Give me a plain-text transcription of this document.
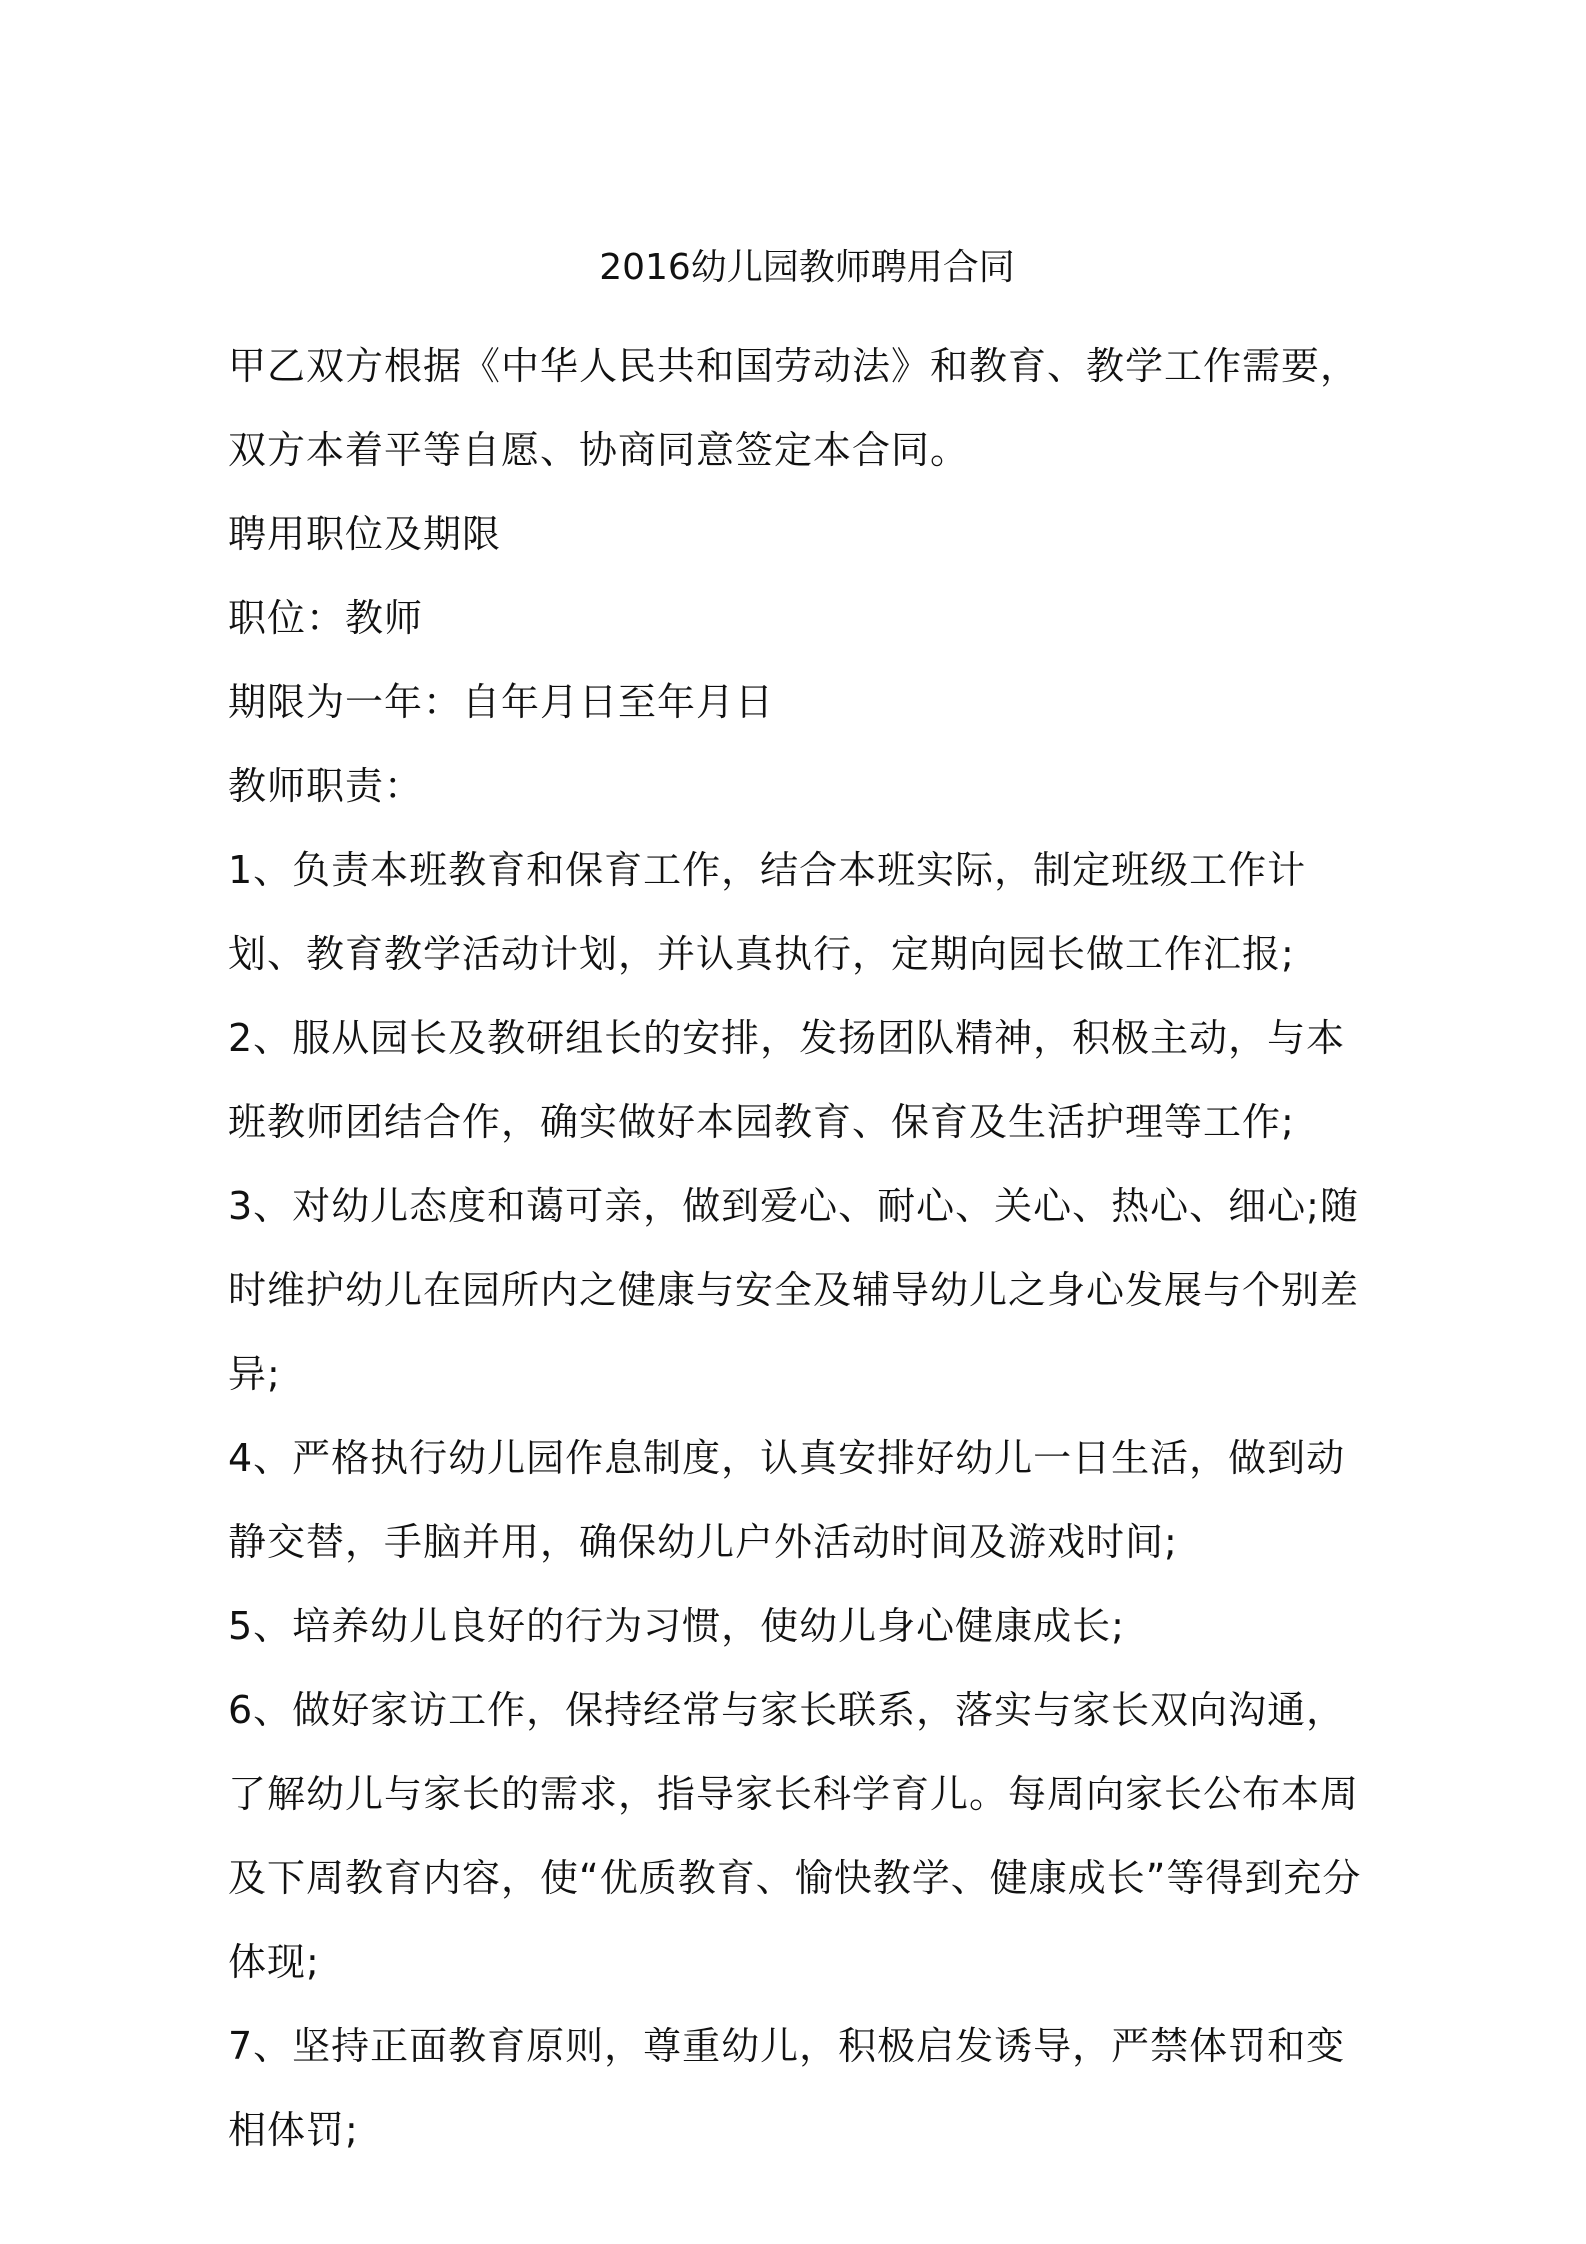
2016幼儿园教师聘用合同

甲乙双方根据《中华人民共和国劳动法》和教育、教学工作需要，双方本着平等自愿、协商同意签定本合同。

聘用职位及期限

职位：教师

期限为一年：自年月日至年月日

教师职责：

1、负责本班教育和保育工作，结合本班实际，制定班级工作计划、教育教学活动计划，并认真执行，定期向园长做工作汇报;

2、服从园长及教研组长的安排，发扬团队精神，积极主动，与本班教师团结合作，确实做好本园教育、保育及生活护理等工作;

3、对幼儿态度和蔼可亲，做到爱心、耐心、关心、热心、细心;随时维护幼儿在园所内之健康与安全及辅导幼儿之身心发展与个别差异;

4、严格执行幼儿园作息制度，认真安排好幼儿一日生活，做到动静交替，手脑并用，确保幼儿户外活动时间及游戏时间;

5、培养幼儿良好的行为习惯，使幼儿身心健康成长;

6、做好家访工作，保持经常与家长联系，落实与家长双向沟通，了解幼儿与家长的需求，指导家长科学育儿。每周向家长公布本周及下周教育内容，使“优质教育、愉快教学、健康成长”等得到充分体现;

7、坚持正面教育原则，尊重幼儿，积极启发诱导，严禁体罚和变相体罚;
